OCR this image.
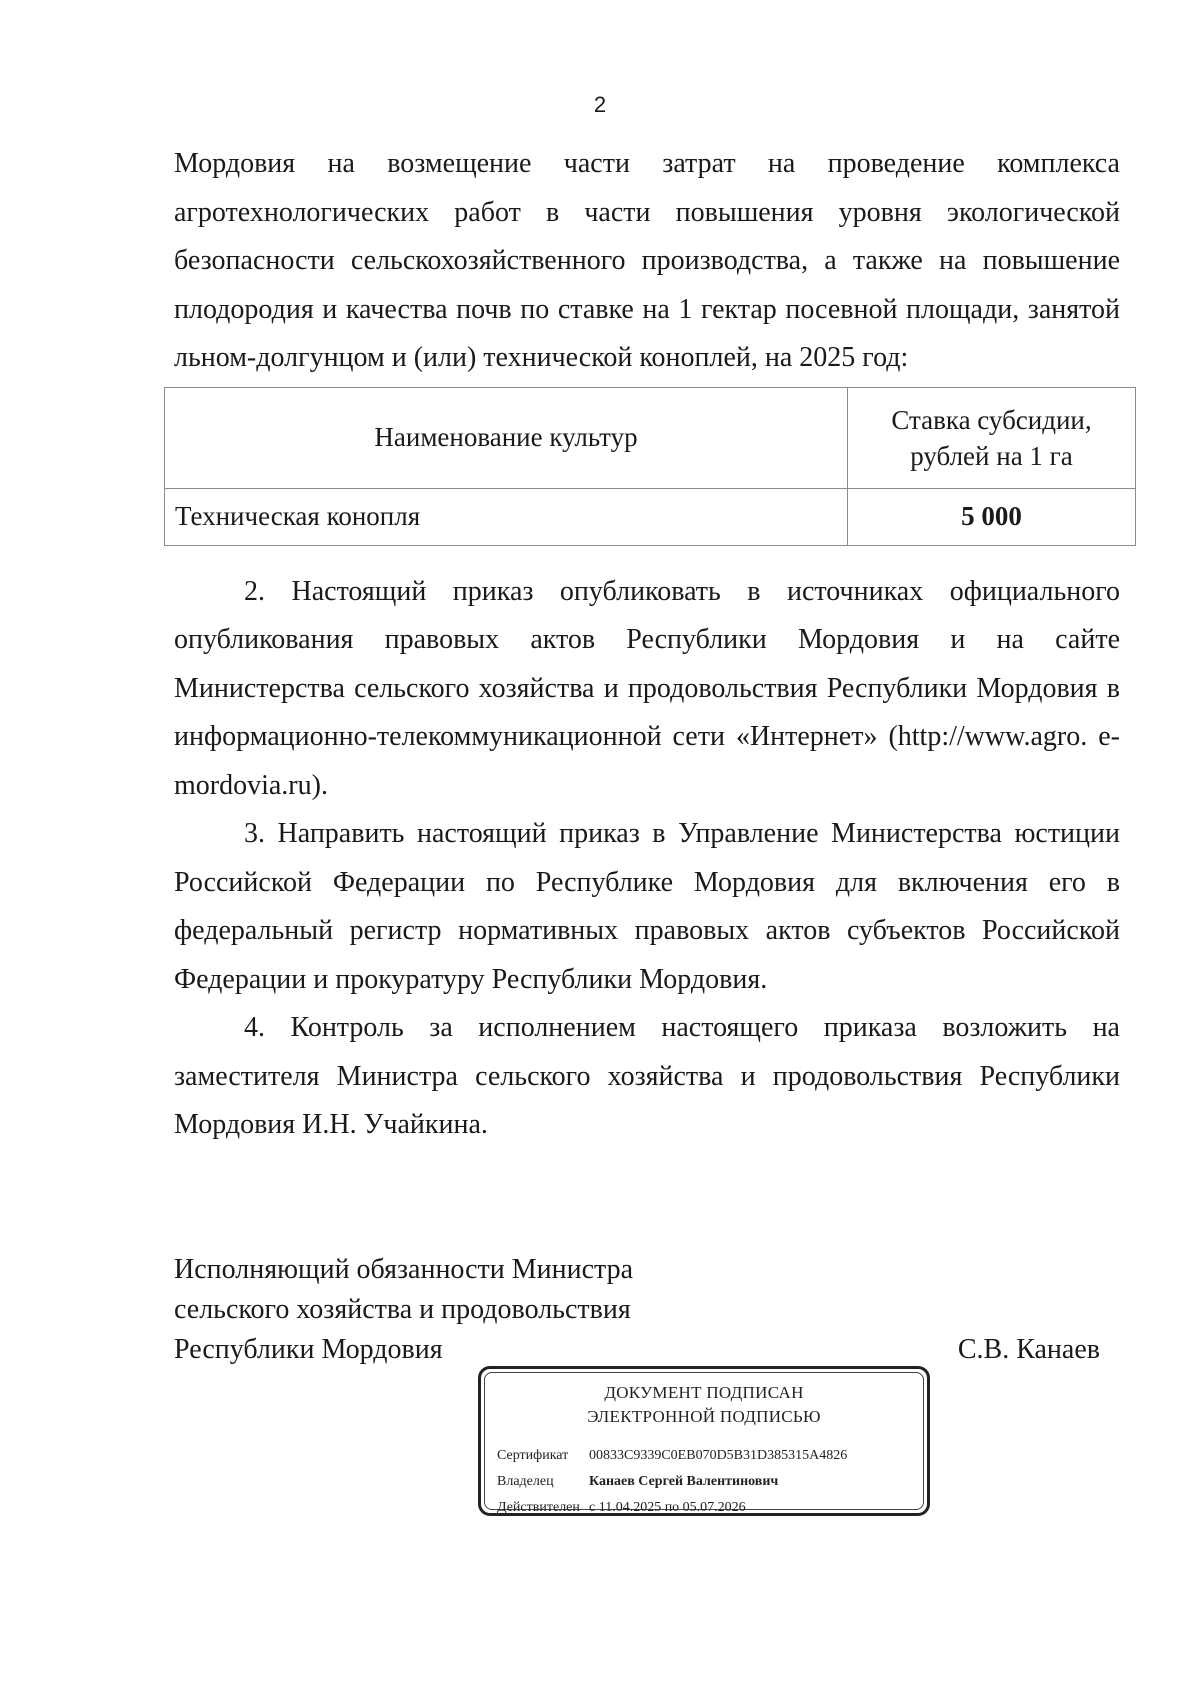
2

Мордовия на возмещение части затрат на проведение комплекса агротехнологических работ в части повышения уровня экологической безопасности сельскохозяйственного производства, а также на повышение плодородия и качества почв по ставке на 1 гектар посевной площади, занятой льном-долгунцом и (или) технической коноплей, на 2025 год:

Наименование культур	Ставка субсидии,
рублей на 1 га

Техническая конопля	5 000

2. Настоящий приказ опубликовать в источниках официального опубликования правовых актов Республики Мордовия и на сайте Министерства сельского хозяйства и продовольствия Республики Мордовия в информационно-телекоммуникационной сети «Интернет» (http://www.agro. e-mordovia.ru).

3. Направить настоящий приказ в Управление Министерства юстиции Российской Федерации по Республике Мордовия для включения его в федеральный регистр нормативных правовых актов субъектов Российской Федерации и прокуратуру Республики Мордовия.

4. Контроль за исполнением настоящего приказа возложить на заместителя Министра сельского хозяйства и продовольствия Республики Мордовия И.Н. Учайкина.

Исполняющий обязанности Министра
сельского хозяйства и продовольствия
Республики Мордовия	С.В. Канаев
ДОКУМЕНТ ПОДПИСАН
ЭЛЕКТРОННОЙ ПОДПИСЬЮ
Сертификат 00833C9339C0EB070D5B31D385315A4826
Владелец	Канаев Сергей Валентинович
Действителен с 11.04.2025 по 05.07.2026
